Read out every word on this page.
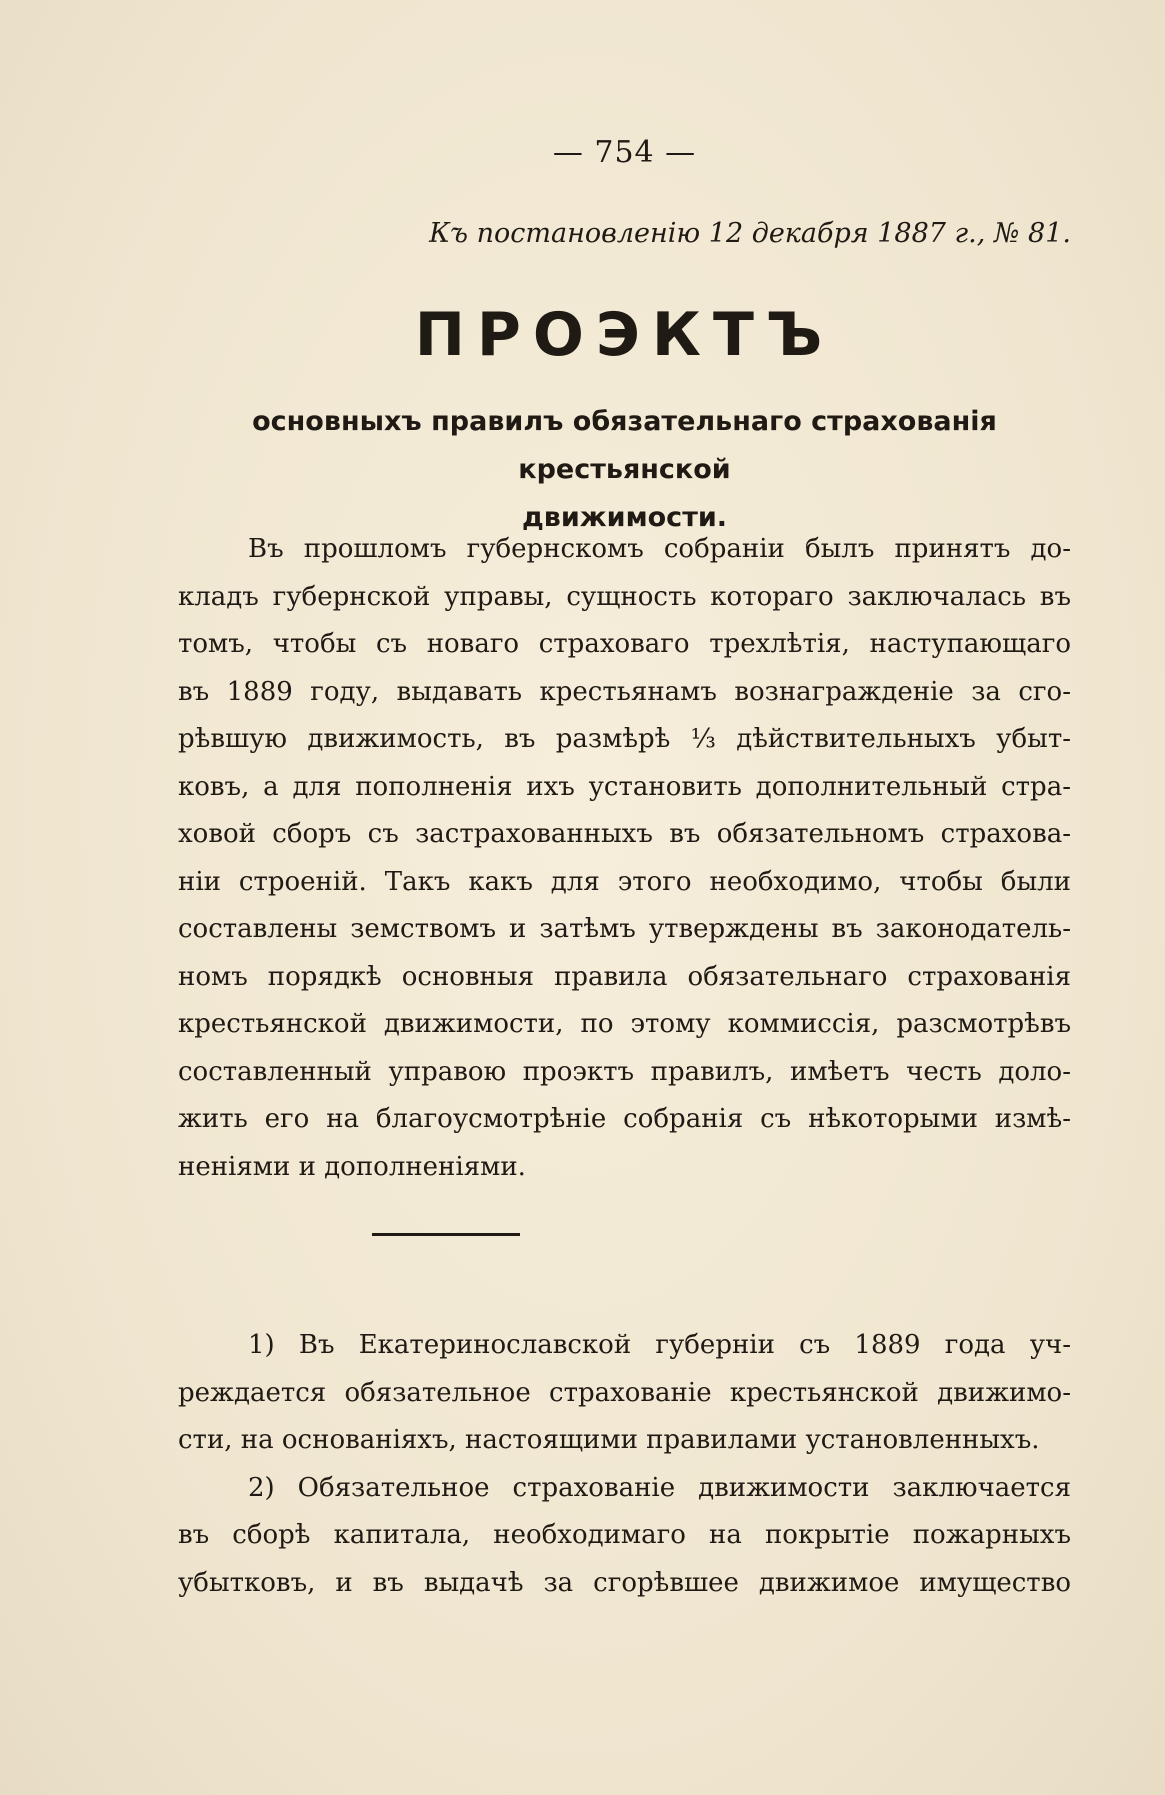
— 754 —
Къ постановленію 12 декабря 1887 г., № 81.
ПРОЭКТЪ
основныхъ правилъ обязательнаго страхованія крестьянской
движимости.
Въ прошломъ губернскомъ собраніи былъ принятъ до-
кладъ губернской управы, сущность котораго заключалась въ
томъ, чтобы съ новаго страховаго трехлѣтія, наступающаго
въ 1889 году, выдавать крестьянамъ вознагражденіе за сго-
рѣвшую движимость, въ размѣрѣ ⅓ дѣйствительныхъ убыт-
ковъ, а для пополненія ихъ установить дополнительный стра-
ховой сборъ съ застрахованныхъ въ обязательномъ страхова-
ніи строеній. Такъ какъ для этого необходимо, чтобы были
составлены земствомъ и затѣмъ утверждены въ законодатель-
номъ порядкѣ основныя правила обязательнаго страхованія
крестьянской движимости, по этому коммиссія, разсмотрѣвъ
составленный управою проэктъ правилъ, имѣетъ честь доло-
жить его на благоусмотрѣніе собранія съ нѣкоторыми измѣ-
неніями и дополненіями.
1) Въ Екатеринославской губерніи съ 1889 года уч-
реждается обязательное страхованіе крестьянской движимо-
сти, на основаніяхъ, настоящими правилами установленныхъ.
2) Обязательное страхованіе движимости заключается
въ сборѣ капитала, необходимаго на покрытіе пожарныхъ
убытковъ, и въ выдачѣ за сгорѣвшее движимое имущество
